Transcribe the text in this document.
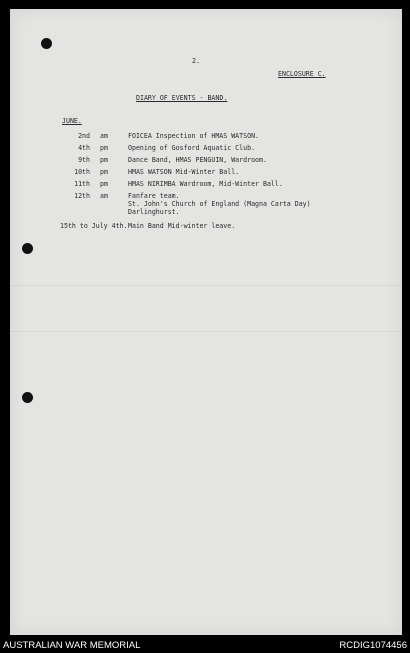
2.
ENCLOSURE C.
DIARY OF EVENTS - BAND.
JUNE.
2nd am	FOICEA Inspection of HMAS WATSON.
4th pm	Opening of Gosford Aquatic Club.
9th pm	Dance Band, HMAS PENGUIN, Wardroom.
10th pm	HMAS WATSON Mid-Winter Ball.
11th pm	HMAS NIRIMBA Wardroom, Mid-Winter Ball.
12th am	Fanfare team.
St. John's Church of England (Magna Carta Day)
Darlinghurst.
15th to July 4th. Main Band Mid-winter leave.
AUSTRALIAN WAR MEMORIAL	RCDIG1074456
